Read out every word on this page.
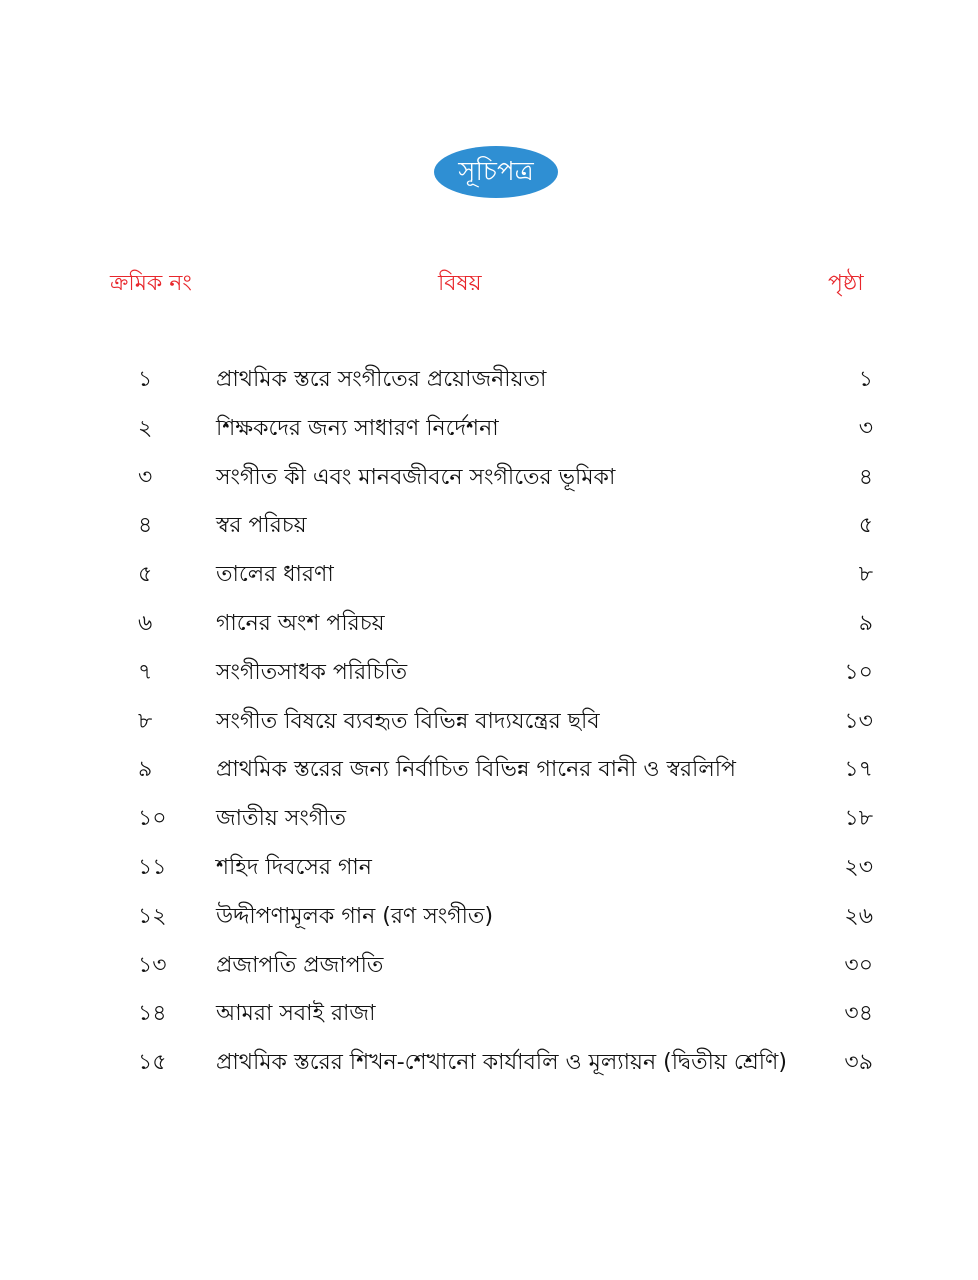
সূচিপত্র
ক্রমিক নং	বিষয়	পৃষ্ঠা
১	প্রাথমিক স্তরে সংগীতের প্রয়োজনীয়তা	১
২	শিক্ষকদের জন্য সাধারণ নির্দেশনা	৩
৩	সংগীত কী এবং মানবজীবনে সংগীতের ভূমিকা	৪
৪	স্বর পরিচয়	৫
৫	তালের ধারণা	৮
৬	গানের অংশ পরিচয়	৯
৭	সংগীতসাধক পরিচিতি	১০
৮	সংগীত বিষয়ে ব্যবহৃত বিভিন্ন বাদ্যযন্ত্রের ছবি	১৩
৯	প্রাথমিক স্তরের জন্য নির্বাচিত বিভিন্ন গানের বানী ও স্বরলিপি	১৭
১০ জাতীয় সংগীত	১৮
১১ শহিদ দিবসের গান	২৩
১২ উদ্দীপণামূলক গান (রণ সংগীত)	২৬
১৩ প্রজাপতি প্রজাপতি	৩০
১৪ আমরা সবাই রাজা	৩৪
১৫ প্রাথমিক স্তরের শিখন-শেখানো কার্যাবলি ও মূল্যায়ন (দ্বিতীয় শ্রেণি)	৩৯
